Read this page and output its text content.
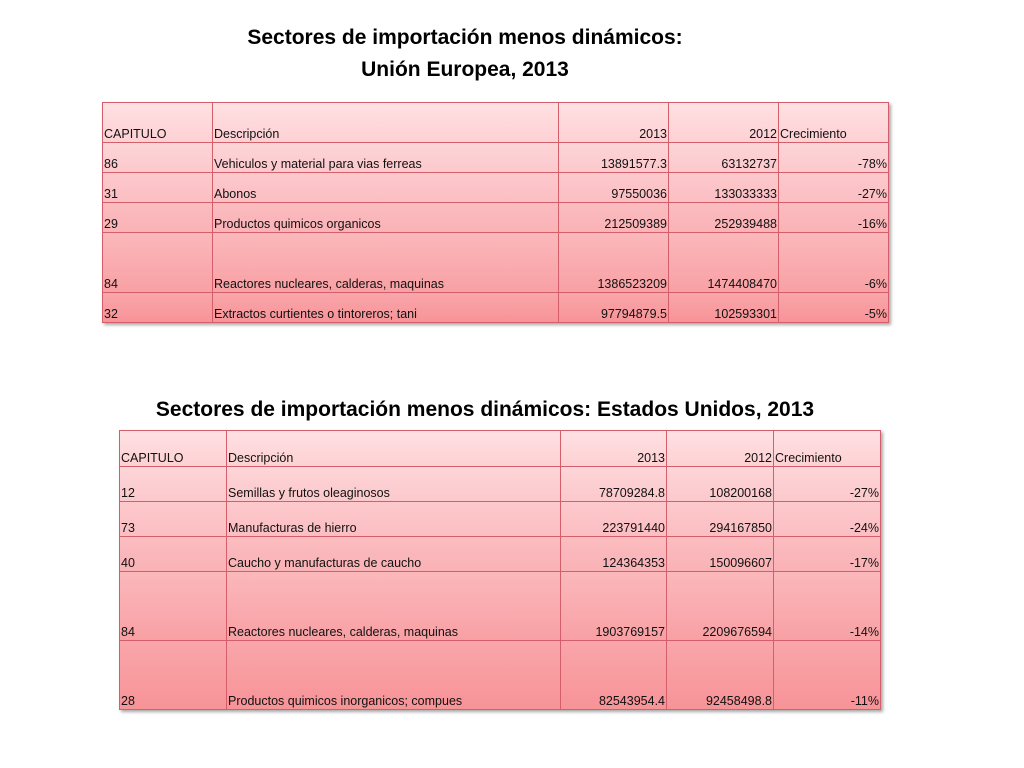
Sectores de importación menos dinámicos:
Unión Europea, 2013
CAPITULO	Descripción	2013	2012	Crecimiento
86	Vehiculos y material para vias ferreas	13891577.3	63132737	-78%
31	Abonos	97550036	133033333	-27%
29	Productos quimicos organicos	212509389	252939488	-16%
84	Reactores nucleares, calderas, maquinas	1386523209	1474408470	-6%
32	Extractos curtientes o tintoreros; tani	97794879.5	102593301	-5%
Sectores de importación menos dinámicos: Estados Unidos, 2013
CAPITULO	Descripción	2013	2012	Crecimiento
12	Semillas y frutos oleaginosos	78709284.8	108200168	-27%
73	Manufacturas de hierro	223791440	294167850	-24%
40	Caucho y manufacturas de caucho	124364353	150096607	-17%
84	Reactores nucleares, calderas, maquinas	1903769157	2209676594	-14%
28	Productos quimicos inorganicos; compues	82543954.4	92458498.8	-11%
